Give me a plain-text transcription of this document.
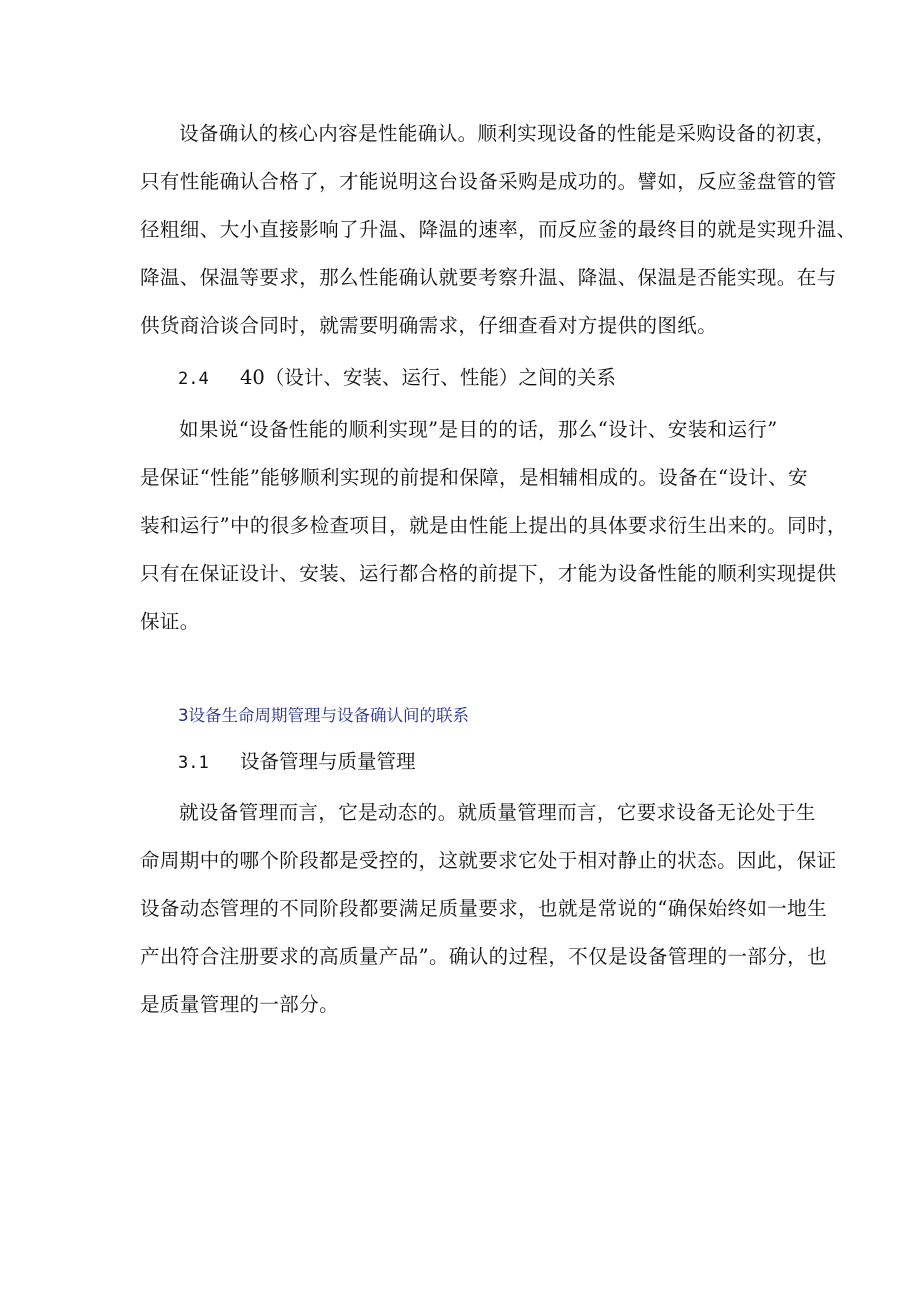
设备确认的核心内容是性能确认。顺利实现设备的性能是采购设备的初衷，
只有性能确认合格了，才能说明这台设备采购是成功的。譬如，反应釜盘管的管
径粗细、大小直接影响了升温、降温的速率，而反应釜的最终目的就是实现升温、
降温、保温等要求，那么性能确认就要考察升温、降温、保温是否能实现。在与
供货商洽谈合同时，就需要明确需求，仔细查看对方提供的图纸。

2.4 40（设计、安装、运行、性能）之间的关系

如果说“设备性能的顺利实现”是目的的话，那么“设计、安装和运行”
是保证“性能”能够顺利实现的前提和保障，是相辅相成的。设备在“设计、安
装和运行”中的很多检查项目，就是由性能上提出的具体要求衍生出来的。同时，
只有在保证设计、安装、运行都合格的前提下，才能为设备性能的顺利实现提供
保证。

3设备生命周期管理与设备确认间的联系

3.1 设备管理与质量管理

就设备管理而言，它是动态的。就质量管理而言，它要求设备无论处于生
命周期中的哪个阶段都是受控的，这就要求它处于相对静止的状态。因此，保证
设备动态管理的不同阶段都要满足质量要求，也就是常说的“确保始终如一地生
产出符合注册要求的高质量产品”。确认的过程，不仅是设备管理的一部分，也
是质量管理的一部分。
